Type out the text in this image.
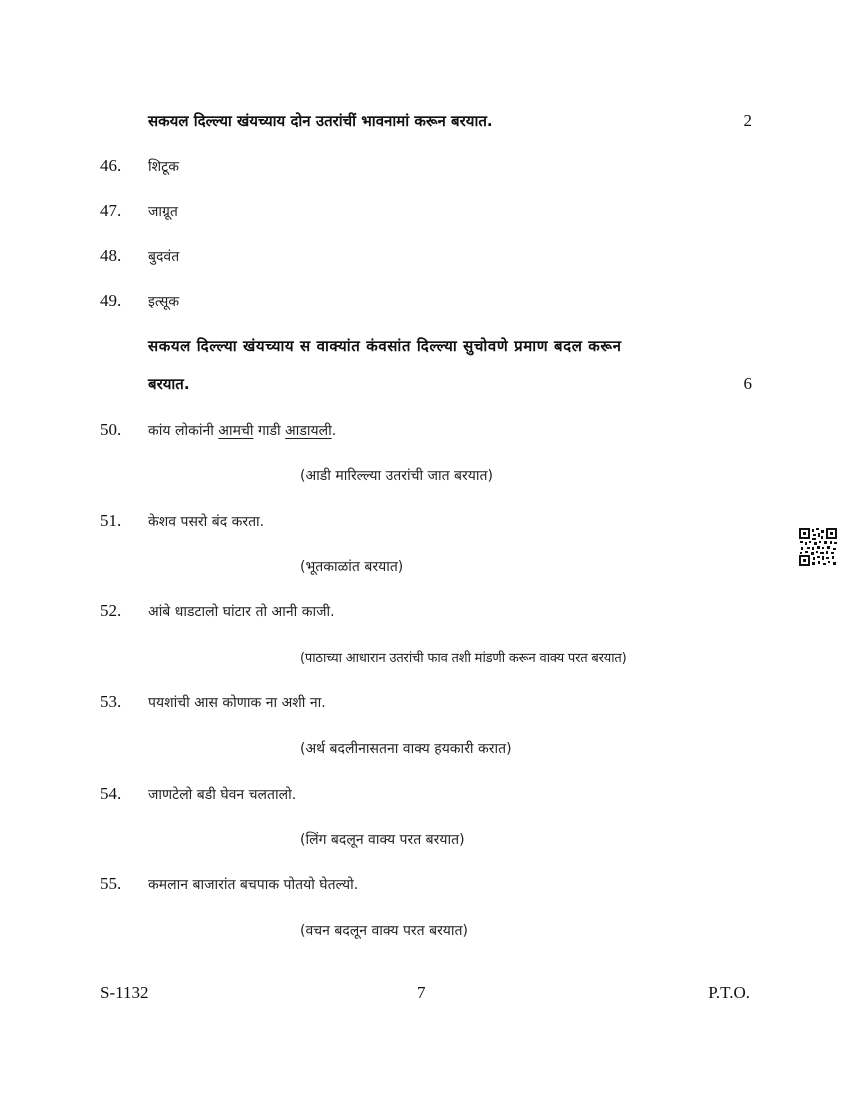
सकयल दिल्ल्या खंयच्याय दोन उतरांचीं भावनामां करून बरयात.	2
46.	शिटूक
47.	जाग्रूत
48.	बुदवंत
49.	इत्सूक
सकयल दिल्ल्या खंयच्याय स वाक्यांत कंवसांत दिल्ल्या सुचोवणे प्रमाण बदल करून
बरयात.	6
50.	कांय लोकांनी आमची गाडी आडायली.
(आडी मारिल्ल्या उतरांची जात बरयात)
51.	केशव पसरो बंद करता.
(भूतकाळांत बरयात)
52.	आंबे धाडटालो घांटार तो आनी काजी.
(पाठाच्या आधारान उतरांची फाव तशी मांडणी करून वाक्य परत बरयात)
53.	पयशांची आस कोणाक ना अशी ना.
(अर्थ बदलीनासतना वाक्य हयकारी करात)
54.	जाणटेलो बडी घेवन चलतालो.
(लिंग बदलून वाक्य परत बरयात)
55.	कमलान बाजारांत बचपाक पोतयो घेतल्यो.
(वचन बदलून वाक्य परत बरयात)
S-1132	7	P.T.O.
